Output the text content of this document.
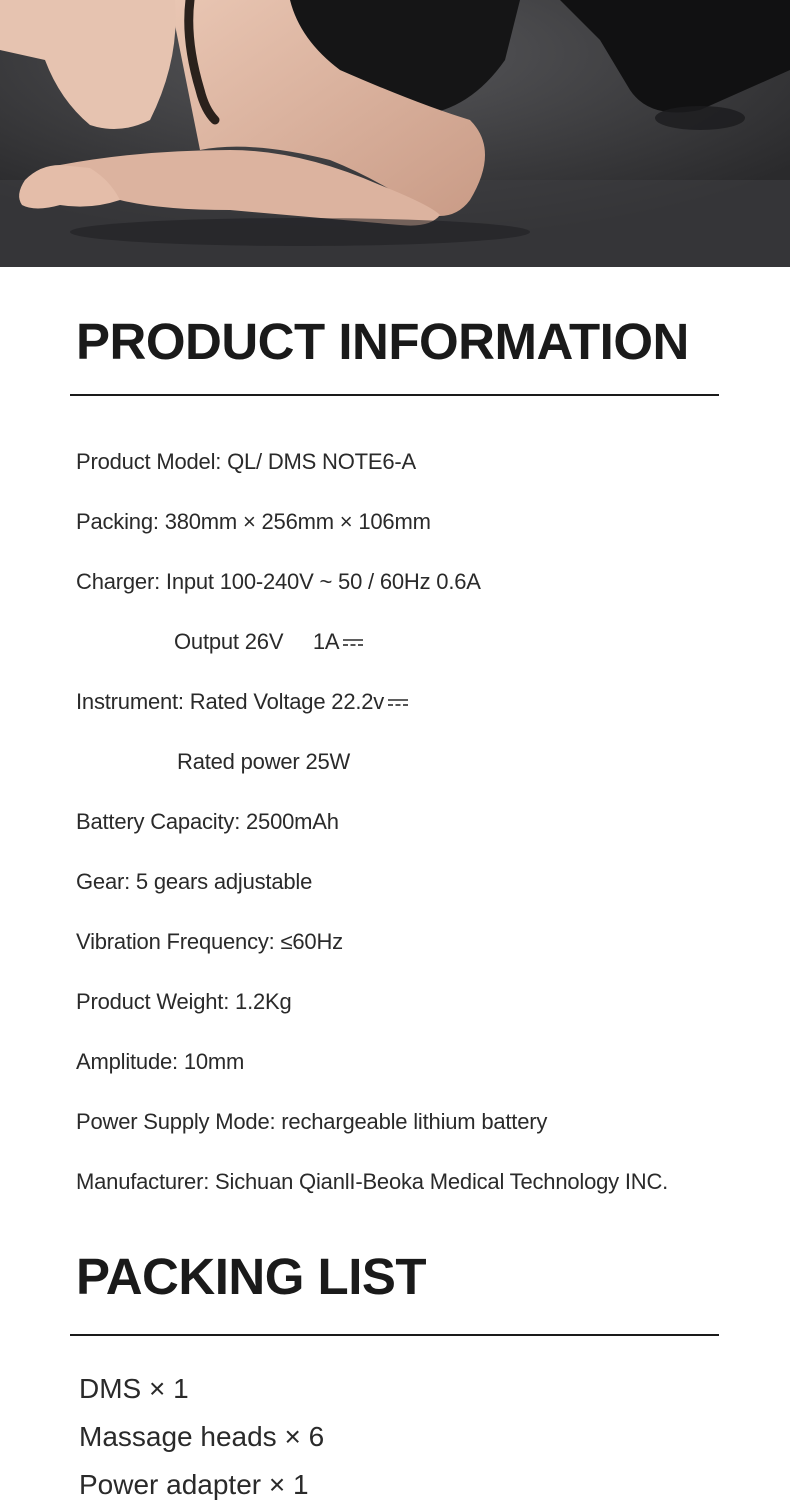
PRODUCT INFORMATION

Product Model: QL/ DMS NOTE6-A

Packing: 380mm × 256mm × 106mm

Charger: Input 100-240V ~ 50 / 60Hz 0.6A

Output 26V     1A

Instrument: Rated Voltage 22.2v

Rated power 25W

Battery Capacity: 2500mAh

Gear: 5 gears adjustable

Vibration Frequency: ≤60Hz

Product Weight: 1.2Kg

Amplitude: 10mm

Power Supply Mode: rechargeable lithium battery

Manufacturer: Sichuan QianlI-Beoka Medical Technology INC.

PACKING LIST

DMS × 1

Massage heads × 6

Power adapter × 1
